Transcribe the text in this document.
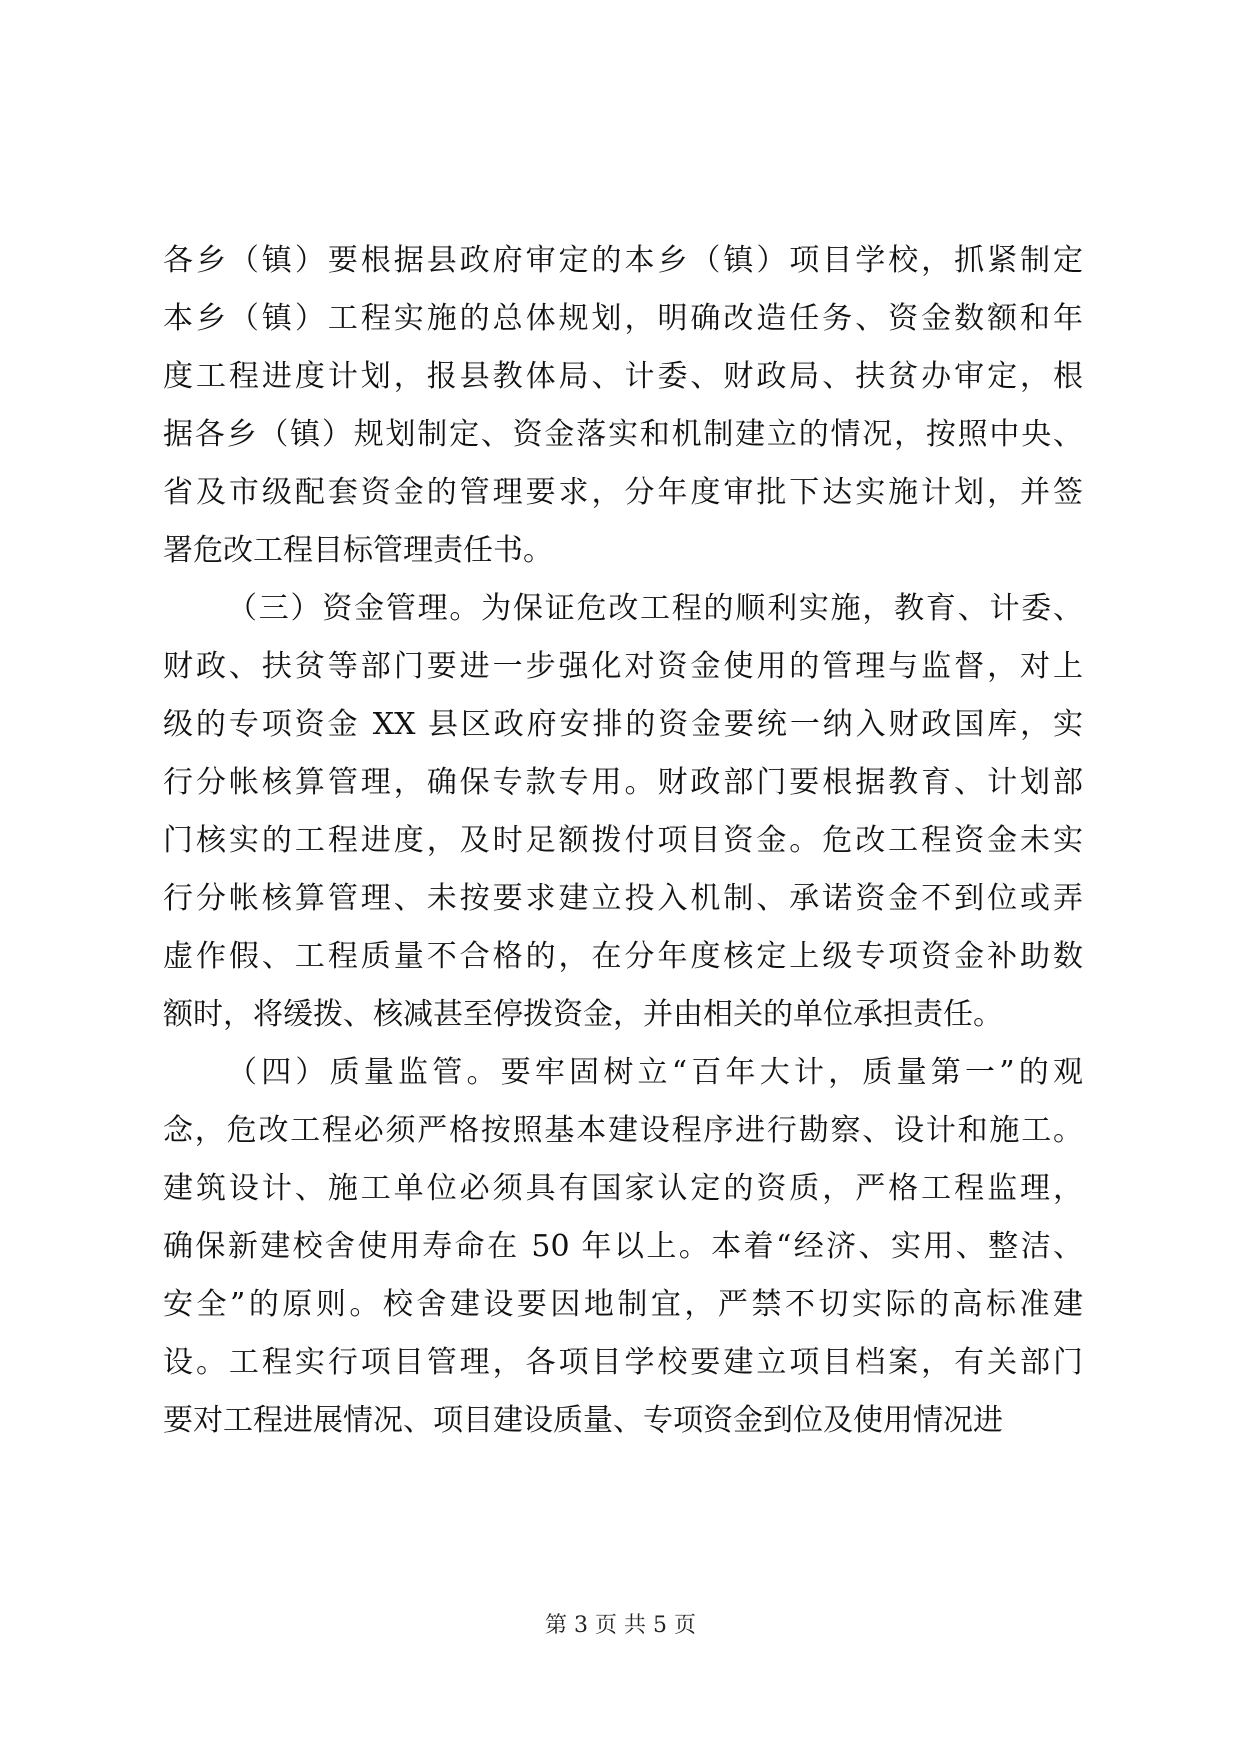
各乡（镇）要根据县政府审定的本乡（镇）项目学校，抓紧制定
本乡（镇）工程实施的总体规划，明确改造任务、资金数额和年
度工程进度计划，报县教体局、计委、财政局、扶贫办审定，根
据各乡（镇）规划制定、资金落实和机制建立的情况，按照中央、
省及市级配套资金的管理要求，分年度审批下达实施计划，并签
署危改工程目标管理责任书。
（三）资金管理。为保证危改工程的顺利实施，教育、计委、
财政、扶贫等部门要进一步强化对资金使用的管理与监督，对上
级的专项资金 XX 县区政府安排的资金要统一纳入财政国库，实
行分帐核算管理，确保专款专用。财政部门要根据教育、计划部
门核实的工程进度，及时足额拨付项目资金。危改工程资金未实
行分帐核算管理、未按要求建立投入机制、承诺资金不到位或弄
虚作假、工程质量不合格的，在分年度核定上级专项资金补助数
额时，将缓拨、核减甚至停拨资金，并由相关的单位承担责任。
（四）质量监管。要牢固树立“百年大计，质量第一”的观
念，危改工程必须严格按照基本建设程序进行勘察、设计和施工。
建筑设计、施工单位必须具有国家认定的资质，严格工程监理，
确保新建校舍使用寿命在 50 年以上。本着“经济、实用、整洁、
安全”的原则。校舍建设要因地制宜，严禁不切实际的高标准建
设。工程实行项目管理，各项目学校要建立项目档案，有关部门
要对工程进展情况、项目建设质量、专项资金到位及使用情况进
第 3 页 共 5 页
